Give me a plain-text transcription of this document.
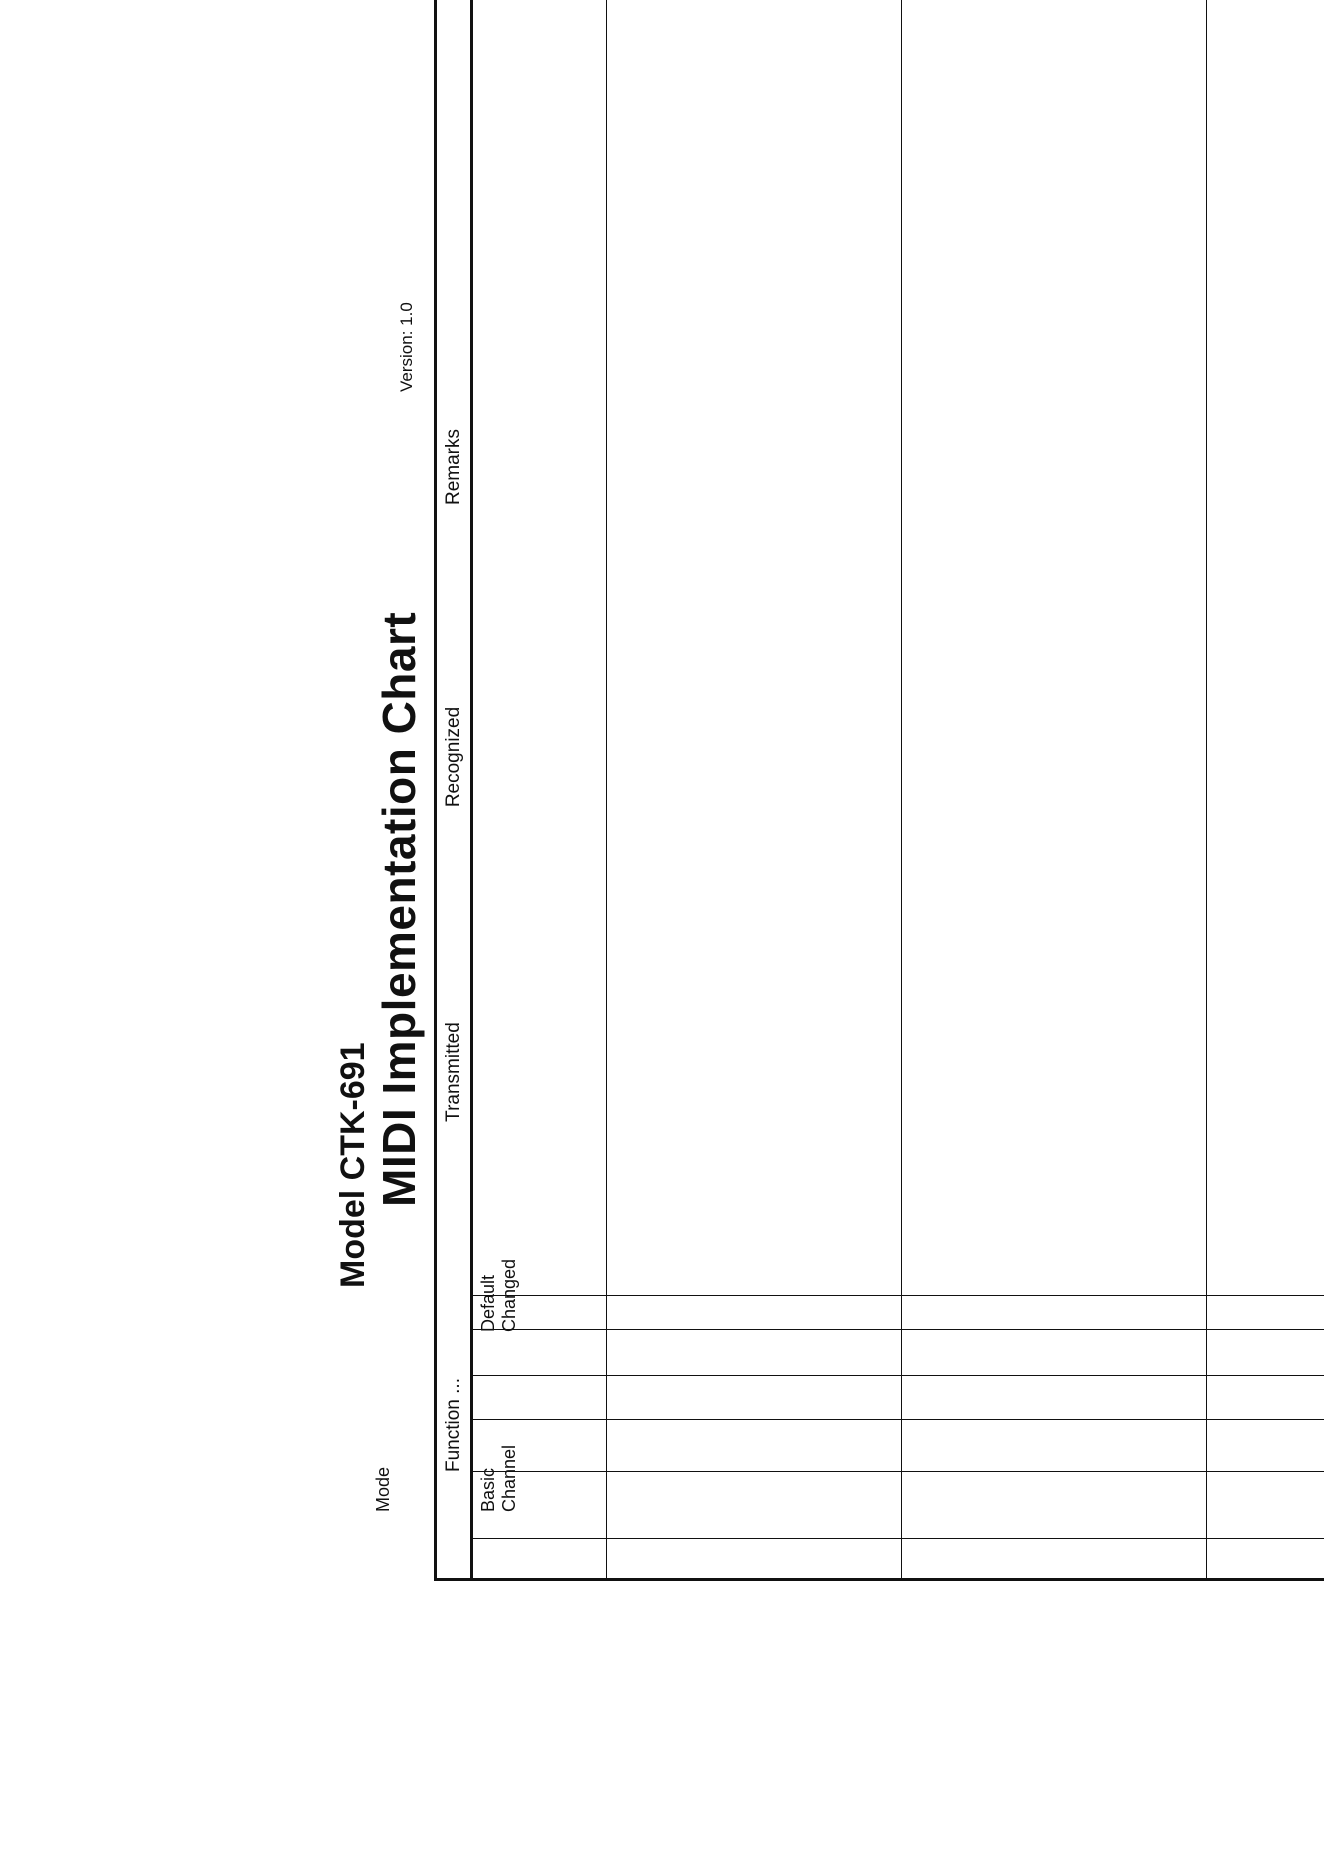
Model CTK-691 MIDI Implementation Chart
Version: 1.0
Remarks
Recognized
Transmitted
Function ...
Basic
Channel
Default
Changed
Mode
